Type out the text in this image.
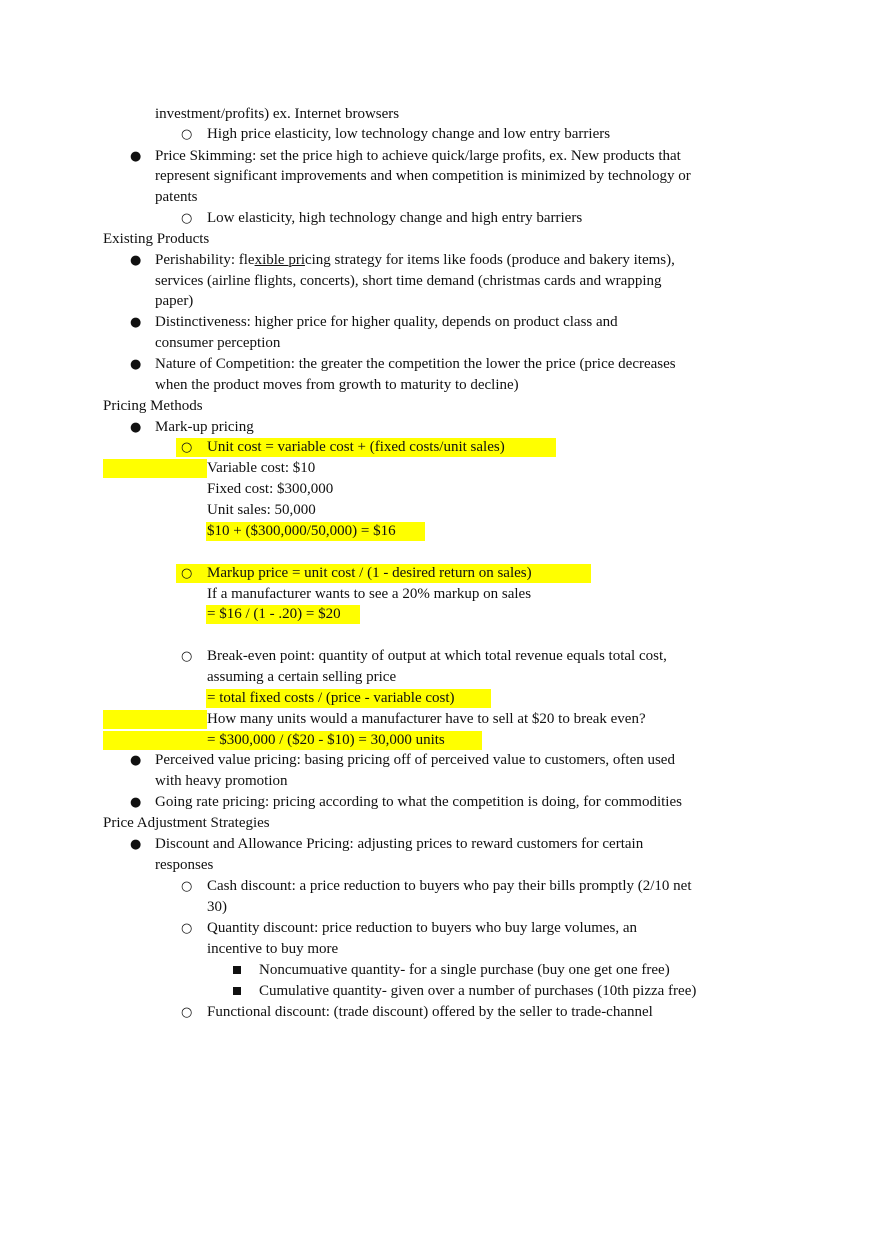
investment/profits) ex. Internet browsers
○ High price elasticity, low technology change and low entry barriers
● Price Skimming: set the price high to achieve quick/large profits, ex. New products that
represent significant improvements and when competition is minimized by technology or
patents
○ Low elasticity, high technology change and high entry barriers
Existing Products
● Perishability: flexible pricing strategy for items like foods (produce and bakery items),
services (airline flights, concerts), short time demand (christmas cards and wrapping
paper)
● Distinctiveness: higher price for higher quality, depends on product class and
consumer perception
● Nature of Competition: the greater the competition the lower the price (price decreases
when the product moves from growth to maturity to decline)
Pricing Methods
● Mark-up pricing
○ Unit cost = variable cost + (fixed costs/unit sales)
Variable cost: $10
Fixed cost: $300,000
Unit sales: 50,000
$10 + ($300,000/50,000) = $16
○ Markup price = unit cost / (1 - desired return on sales)
If a manufacturer wants to see a 20% markup on sales
= $16 / (1 - .20) = $20
○ Break-even point: quantity of output at which total revenue equals total cost,
assuming a certain selling price
= total fixed costs / (price - variable cost)
How many units would a manufacturer have to sell at $20 to break even?
= $300,000 / ($20 - $10) = 30,000 units
● Perceived value pricing: basing pricing off of perceived value to customers, often used
with heavy promotion
● Going rate pricing: pricing according to what the competition is doing, for commodities
Price Adjustment Strategies
● Discount and Allowance Pricing: adjusting prices to reward customers for certain
responses
○ Cash discount: a price reduction to buyers who pay their bills promptly (2/10 net
30)
○ Quantity discount: price reduction to buyers who buy large volumes, an
incentive to buy more
Noncumuative quantity- for a single purchase (buy one get one free)
Cumulative quantity- given over a number of purchases (10th pizza free)
○ Functional discount: (trade discount) offered by the seller to trade-channel
